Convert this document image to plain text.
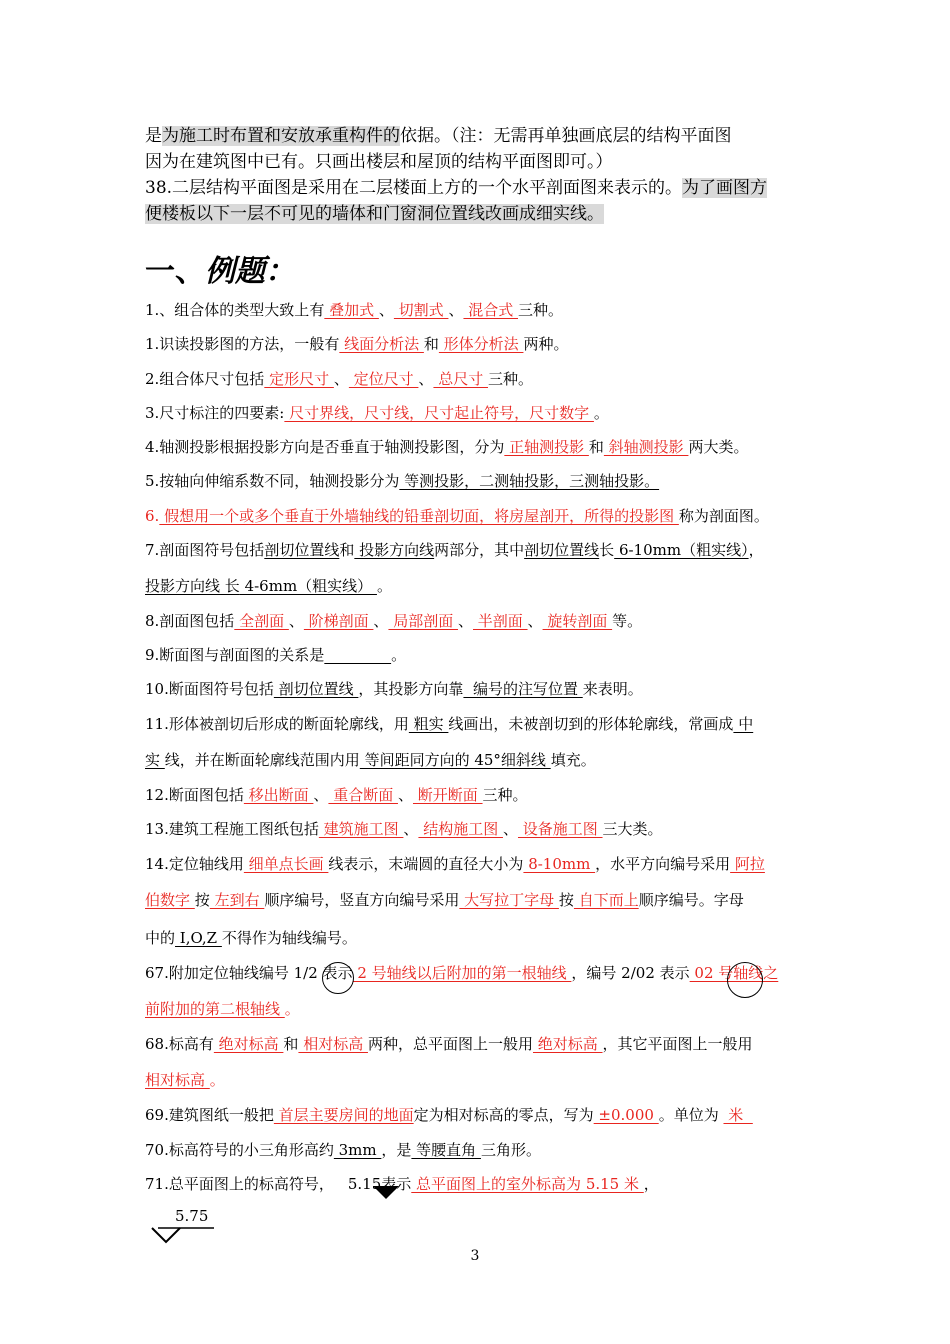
是为施工时布置和安放承重构件的依据。（注：无需再单独画底层的结构平面图
因为在建筑图中已有。只画出楼层和屋顶的结构平面图即可。）
38.二层结构平面图是采用在二层楼面上方的一个水平剖面图来表示的。为了画图方
便楼板以下一层不可见的墙体和门窗洞位置线改画成细实线。
一、例题：
1.、组合体的类型大致上有 叠加式 、 切割式 、 混合式 三种。
1.识读投影图的方法，一般有 线面分析法 和 形体分析法 两种。
2.组合体尺寸包括 定形尺寸 、 定位尺寸 、 总尺寸 三种。
3.尺寸标注的四要素: 尺寸界线，尺寸线，尺寸起止符号，尺寸数字 。
4.轴测投影根据投影方向是否垂直于轴测投影图，分为 正轴测投影 和 斜轴测投影 两大类。
5.按轴向伸缩系数不同，轴测投影分为 等测投影，二测轴投影，三测轴投影。
6. 假想用一个或多个垂直于外墙轴线的铅垂剖切面，将房屋剖开，所得的投影图 称为剖面图。
7.剖面图符号包括剖切位置线和 投影方向线两部分，其中剖切位置线长 6-10mm（粗实线），
投影方向线 长 4-6mm（粗实线） 。
8.剖面图包括 全剖面 、 阶梯剖面 、 局部剖面 、 半剖面 、 旋转剖面 等。
9.断面图与剖面图的关系是	。
10.断面图符号包括 剖切位置线 ，其投影方向靠  编号的注写位置 来表明。
11.形体被剖切后形成的断面轮廓线，用 粗实 线画出，未被剖切到的形体轮廓线，常画成 中
实 线，并在断面轮廓线范围内用 等间距同方向的 45°细斜线 填充。
12.断面图包括 移出断面 、 重合断面 、 断开断面 三种。
13.建筑工程施工图纸包括 建筑施工图 、 结构施工图 、 设备施工图 三大类。
14.定位轴线用 细单点长画 线表示，末端圆的直径大小为 8-10mm ，水平方向编号采用 阿拉
伯数字 按 左到右 顺序编号，竖直方向编号采用 大写拉丁字母 按 自下而上顺序编号。字母
中的 I,O,Z 不得作为轴线编号。
67.附加定位轴线编号 1/2 表示 2 号轴线以后附加的第一根轴线 ，编号 2/02 表示 02 号轴线之
前附加的第二根轴线 。
68.标高有 绝对标高 和 相对标高 两种，总平面图上一般用 绝对标高 ，其它平面图上一般用
相对标高 。
69.建筑图纸一般把 首层主要房间的地面定为相对标高的零点，写为 ±0.000 。单位为  米
70.标高符号的小三角形高约 3mm ，是 等腰直角 三角形。
71.总平面图上的标高符号， 5.15表示 总平面图上的室外标高为 5.15 米 ，
5.75
3
